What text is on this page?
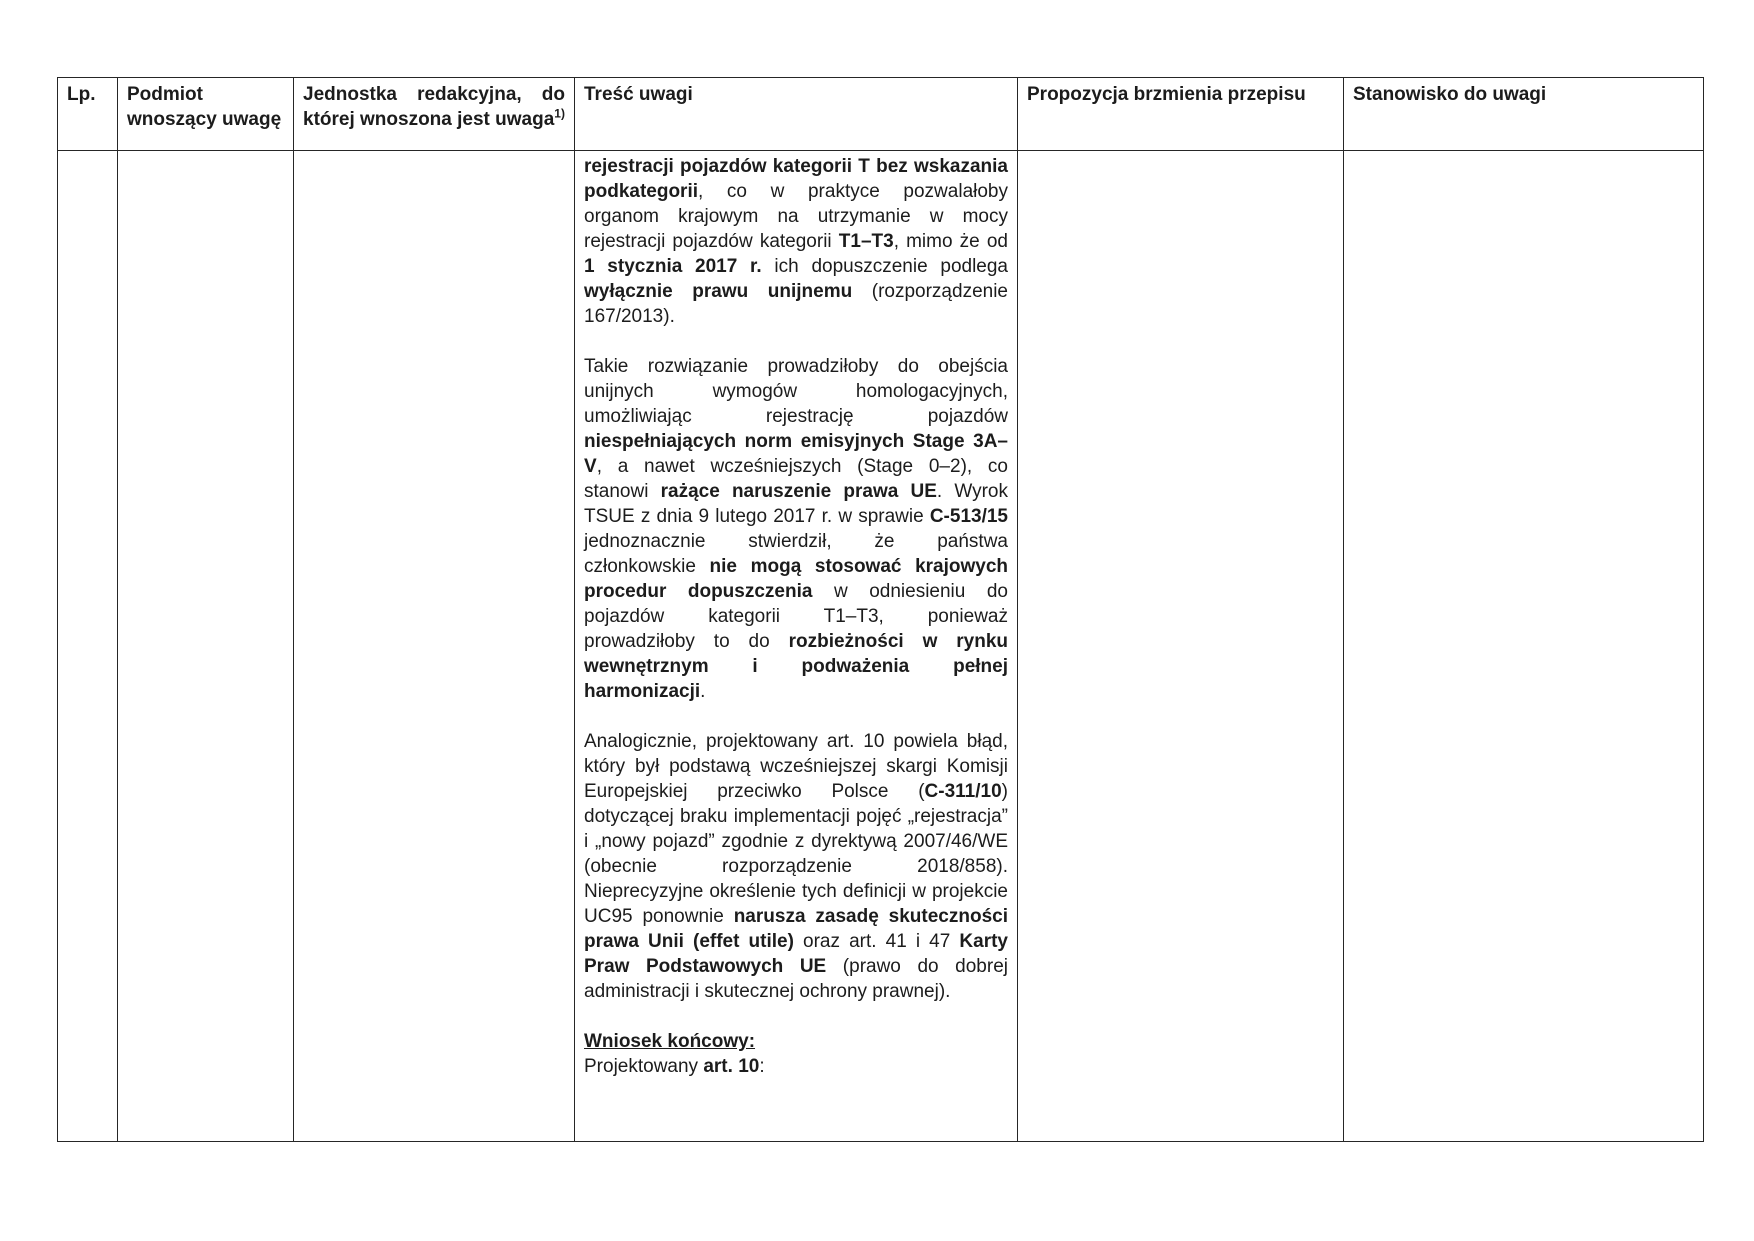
Lp.	Podmiot wnoszący uwagę	Jednostka redakcyjna, do której wnoszona jest uwaga$^{1)}$	Treść uwagi	Propozycja brzmienia przepisu	Stanowisko do uwagi

			rejestracji pojazdów kategorii T bez wskazania podkategorii, co w praktyce pozwalałoby organom krajowym na utrzymanie w mocy rejestracji pojazdów kategorii T1–T3, mimo że od 1 stycznia 2017 r. ich dopuszczenie podlega wyłącznie prawu unijnemu (rozporządzenie 167/2013).

Takie rozwiązanie prowadziłoby do obejścia unijnych wymogów homologacyjnych, umożliwiając rejestrację pojazdów niespełniających norm emisyjnych Stage 3A–V, a nawet wcześniejszych (Stage 0–2), co stanowi rażące naruszenie prawa UE. Wyrok TSUE z dnia 9 lutego 2017 r. w sprawie C-513/15 jednoznacznie stwierdził, że państwa członkowskie nie mogą stosować krajowych procedur dopuszczenia w odniesieniu do pojazdów kategorii T1–T3, ponieważ prowadziłoby to do rozbieżności w rynku wewnętrznym i podważenia pełnej harmonizacji.

Analogicznie, projektowany art. 10 powiela błąd, który był podstawą wcześniejszej skargi Komisji Europejskiej przeciwko Polsce (C-311/10) dotyczącej braku implementacji pojęć „rejestracja” i „nowy pojazd” zgodnie z dyrektywą 2007/46/WE (obecnie rozporządzenie 2018/858). Nieprecyzyjne określenie tych definicji w projekcie UC95 ponownie narusza zasadę skuteczności prawa Unii (effet utile) oraz art. 41 i 47 Karty Praw Podstawowych UE (prawo do dobrej administracji i skutecznej ochrony prawnej).

Wniosek końcowy:
Projektowany art. 10:		
